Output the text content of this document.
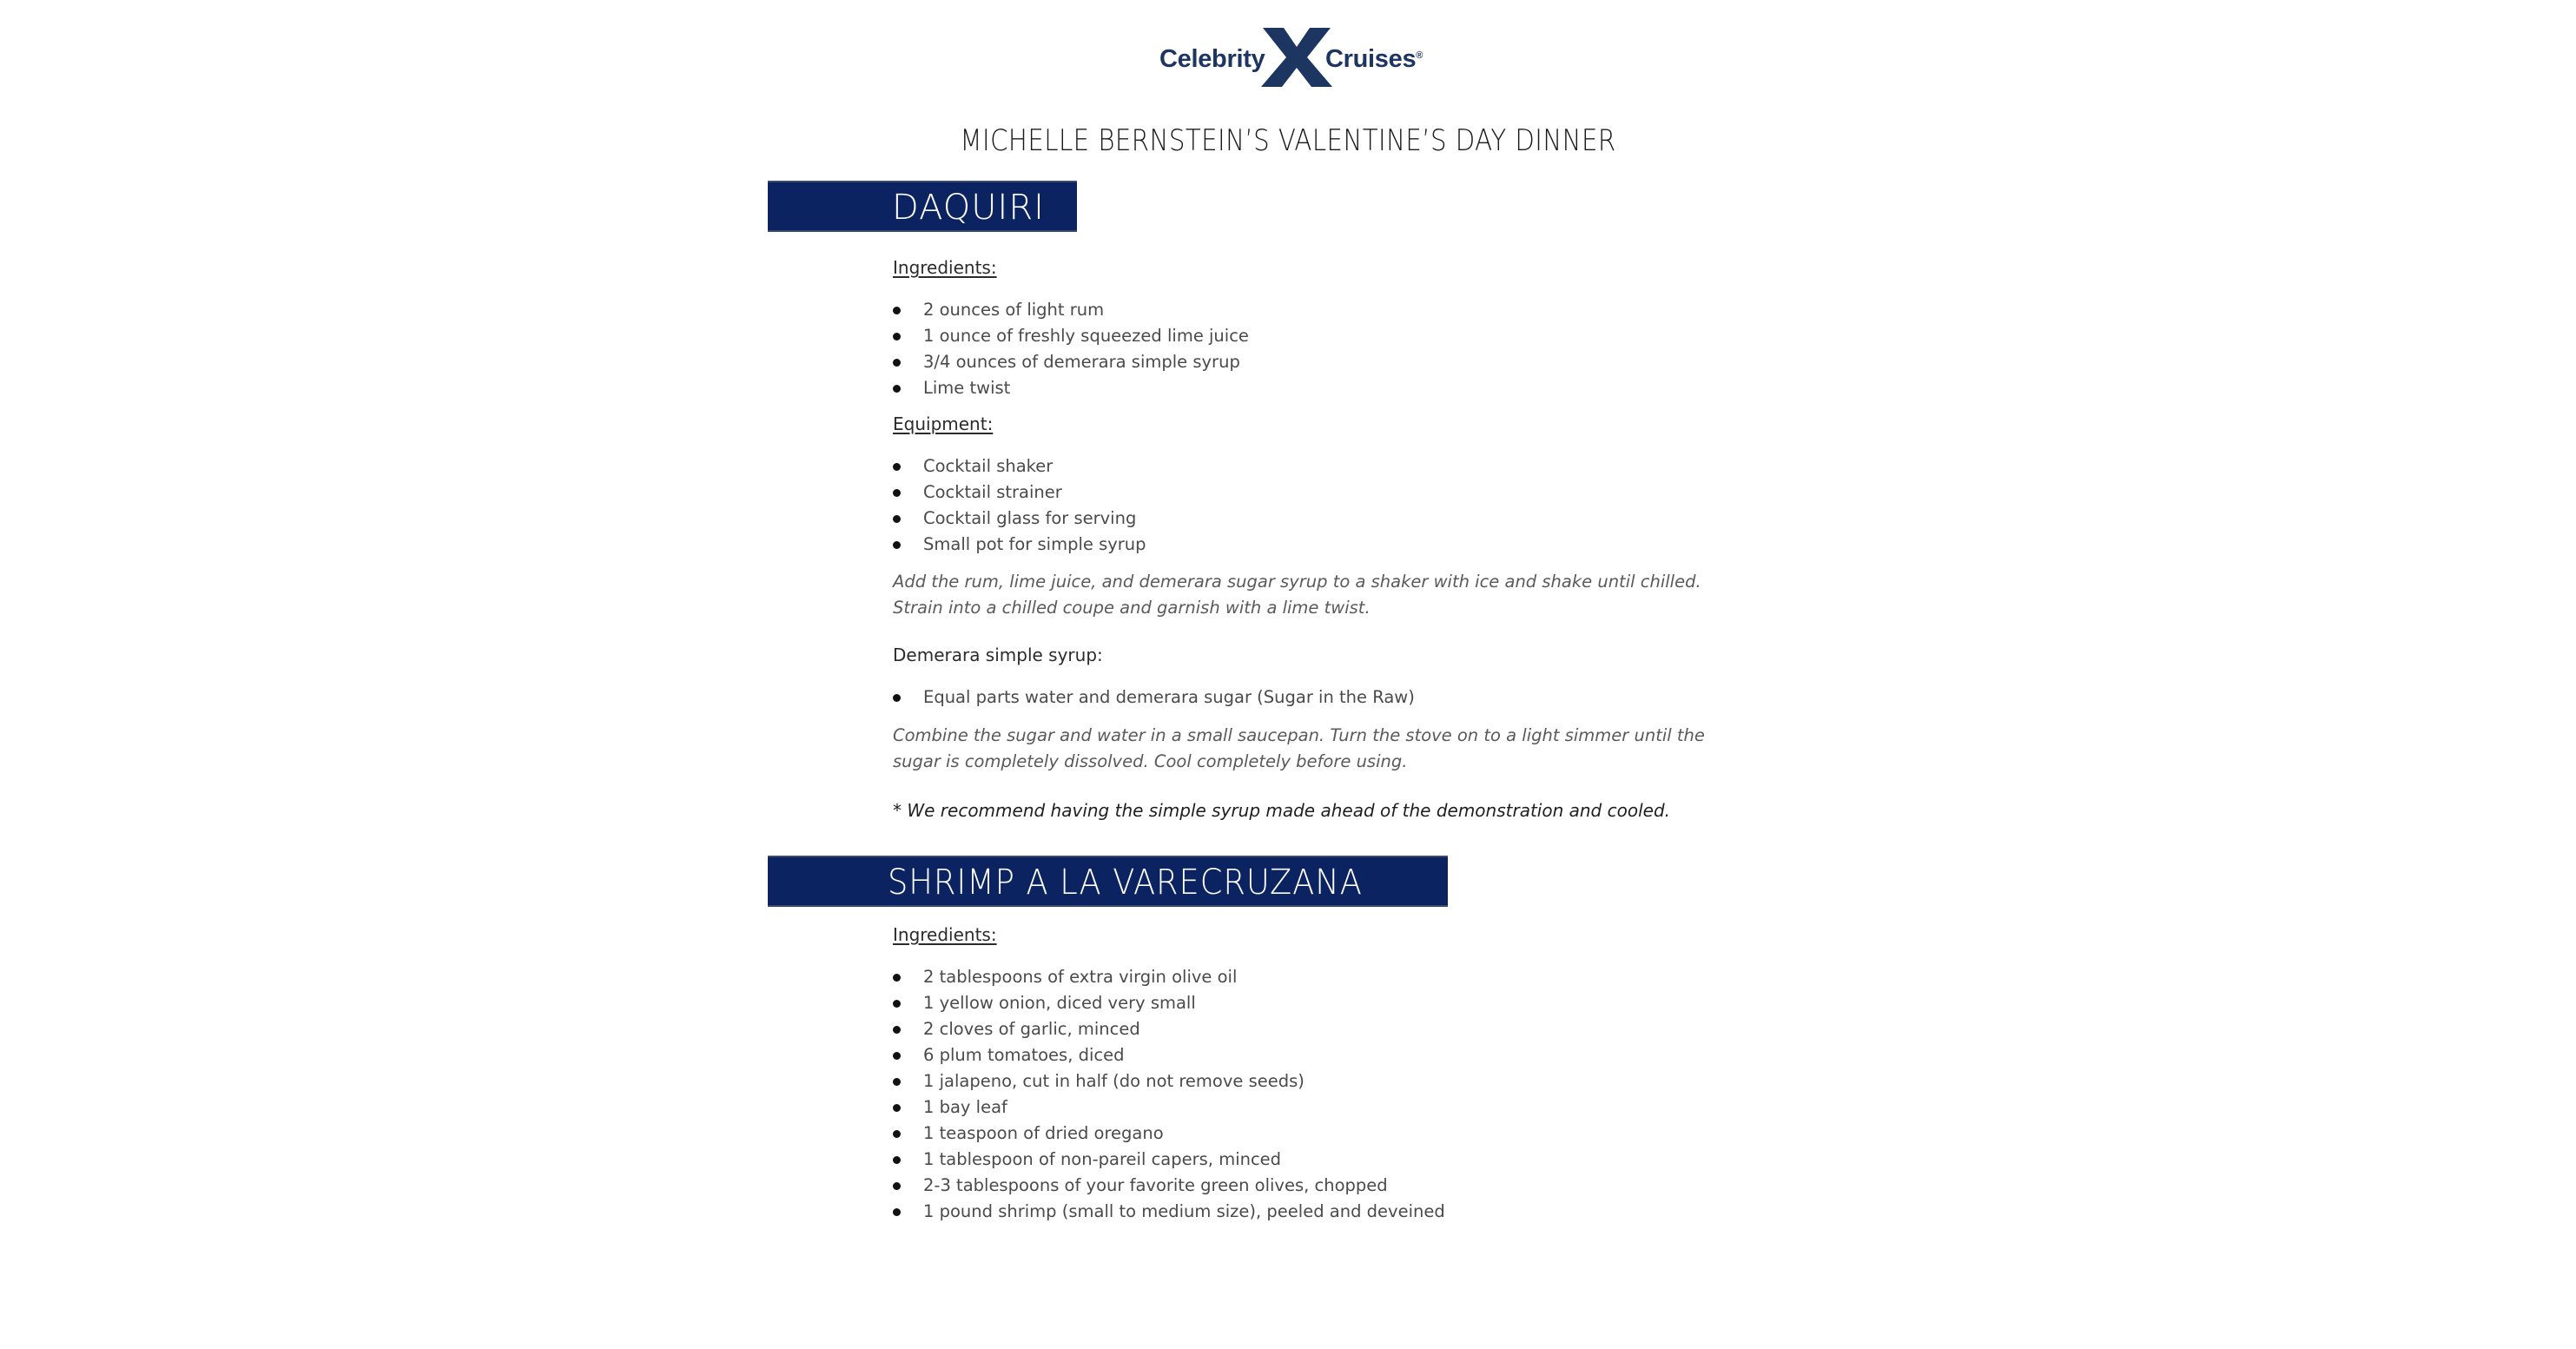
Celebrity Cruises®
MICHELLE BERNSTEIN’S VALENTINE’S DAY DINNER
DAQUIRI
Ingredients:
2 ounces of light rum
1 ounce of freshly squeezed lime juice
3/4 ounces of demerara simple syrup
Lime twist
Equipment:
Cocktail shaker
Cocktail strainer
Cocktail glass for serving
Small pot for simple syrup
Add the rum, lime juice, and demerara sugar syrup to a shaker with ice and shake until chilled.
Strain into a chilled coupe and garnish with a lime twist.
Demerara simple syrup:
Equal parts water and demerara sugar (Sugar in the Raw)
Combine the sugar and water in a small saucepan. Turn the stove on to a light simmer until the
sugar is completely dissolved. Cool completely before using.
* We recommend having the simple syrup made ahead of the demonstration and cooled.
SHRIMP A LA VARECRUZANA
Ingredients:
2 tablespoons of extra virgin olive oil
1 yellow onion, diced very small
2 cloves of garlic, minced
6 plum tomatoes, diced
1 jalapeno, cut in half (do not remove seeds)
1 bay leaf
1 teaspoon of dried oregano
1 tablespoon of non-pareil capers, minced
2-3 tablespoons of your favorite green olives, chopped
1 pound shrimp (small to medium size), peeled and deveined
